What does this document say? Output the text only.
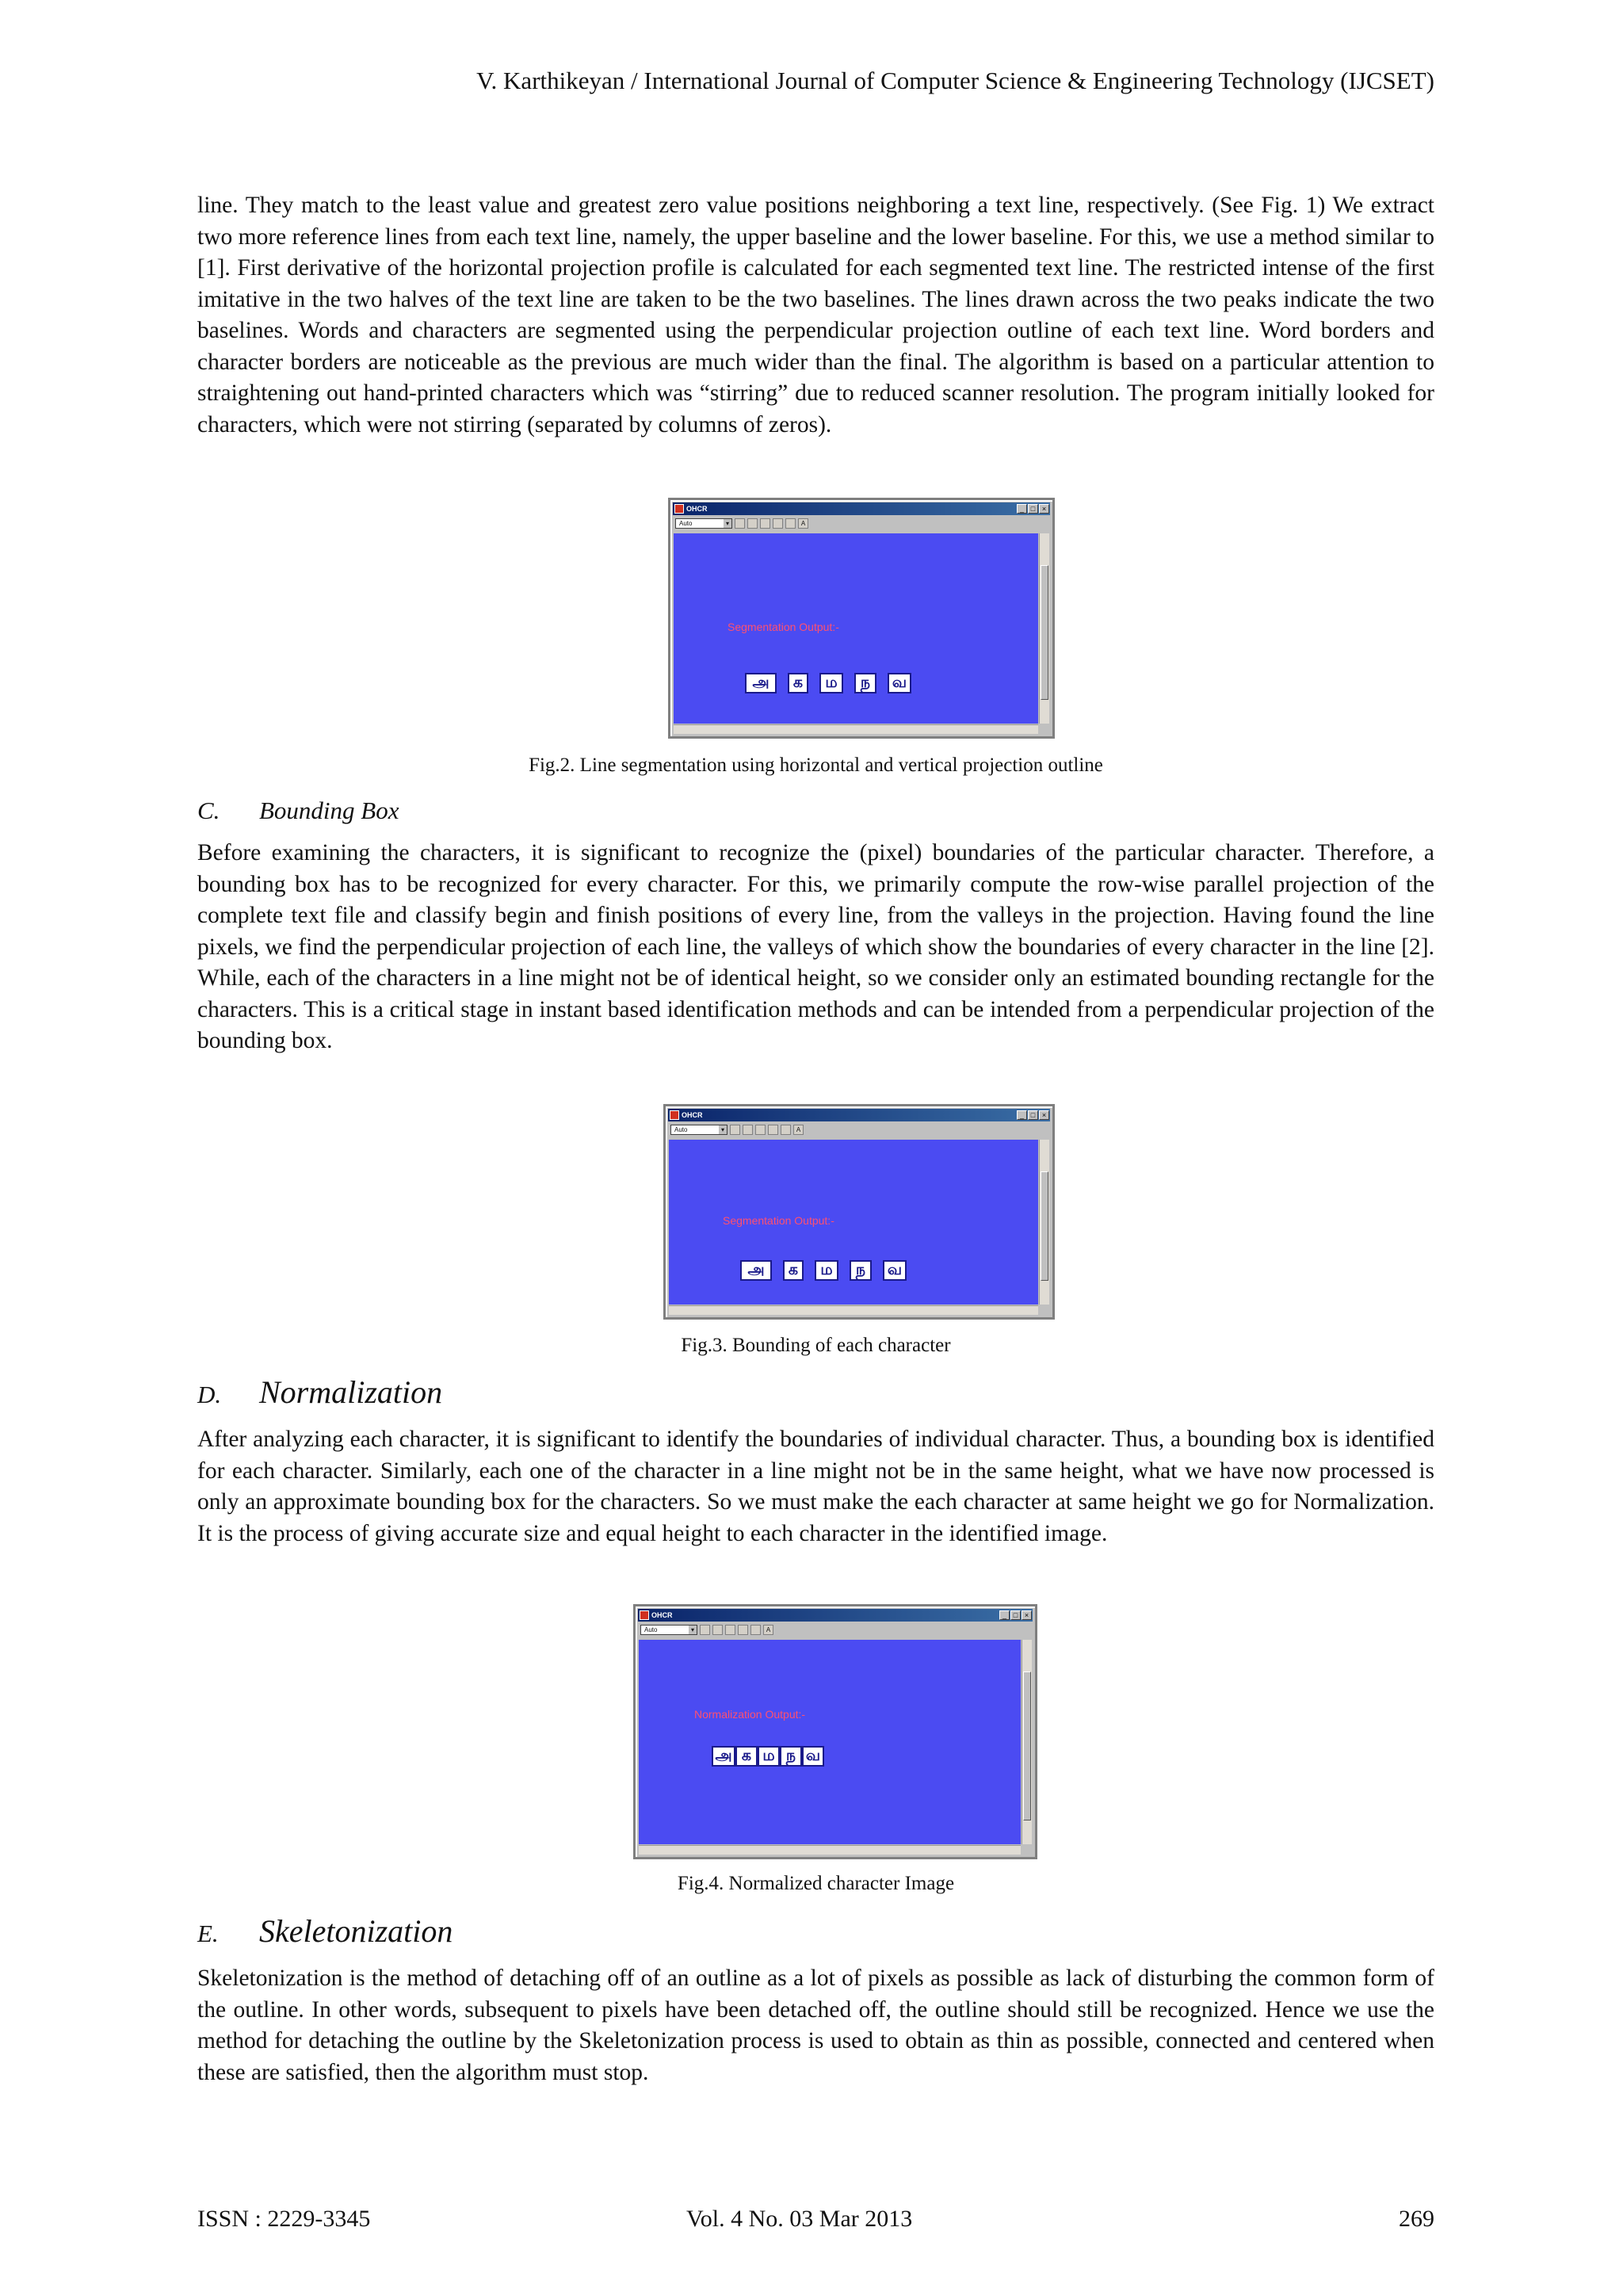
V. Karthikeyan / International Journal of Computer Science & Engineering Technology (IJCSET)

line. They match to the least value and greatest zero value positions neighboring a text line, respectively. (See Fig. 1) We extract two more reference lines from each text line, namely, the upper baseline and the lower baseline. For this, we use a method similar to [1]. First derivative of the horizontal projection profile is calculated for each segmented text line. The restricted intense of the first imitative in the two halves of the text line are taken to be the two baselines. The lines drawn across the two peaks indicate the two baselines. Words and characters are segmented using the perpendicular projection outline of each text line. Word borders and character borders are noticeable as the previous are much wider than the final. The algorithm is based on a particular attention to straightening out hand-printed characters which was “stirring” due to reduced scanner resolution. The program initially looked for characters, which were not stirring (separated by columns of zeros).

OHCR	_ □ ×
Auto ▾	A
Segmentation Output:-
அ	க	ம	ந	வ
Fig.2. Line segmentation using horizontal and vertical projection outline
C. Bounding Box

Before examining the characters, it is significant to recognize the (pixel) boundaries of the particular character. Therefore, a bounding box has to be recognized for every character. For this, we primarily compute the row-wise parallel projection of the complete text file and classify begin and finish positions of every line, from the valleys in the projection. Having found the line pixels, we find the perpendicular projection of each line, the valleys of which show the boundaries of every character in the line [2]. While, each of the characters in a line might not be of identical height, so we consider only an estimated bounding rectangle for the characters. This is a critical stage in instant based identification methods and can be intended from a perpendicular projection of the bounding box.

OHCR	_ □ ×
Auto ▾	A
Segmentation Output:-
அ	க	ம	ந	வ
Fig.3. Bounding of each character
D. Normalization

After analyzing each character, it is significant to identify the boundaries of individual character. Thus, a bounding box is identified for each character. Similarly, each one of the character in a line might not be in the same height, what we have now processed is only an approximate bounding box for the characters. So we must make the each character at same height we go for Normalization. It is the process of giving accurate size and equal height to each character in the identified image.

OHCR	_ □ ×
Auto ▾	A
Normalization Output:-
அ க ம ந வ
Fig.4. Normalized character Image
E. Skeletonization

Skeletonization is the method of detaching off of an outline as a lot of pixels as possible as lack of disturbing the common form of the outline. In other words, subsequent to pixels have been detached off, the outline should still be recognized. Hence we use the method for detaching the outline by the Skeletonization process is used to obtain as thin as possible, connected and centered when these are satisfied, then the algorithm must stop.

ISSN : 2229-3345	Vol. 4 No. 03 Mar 2013	269
